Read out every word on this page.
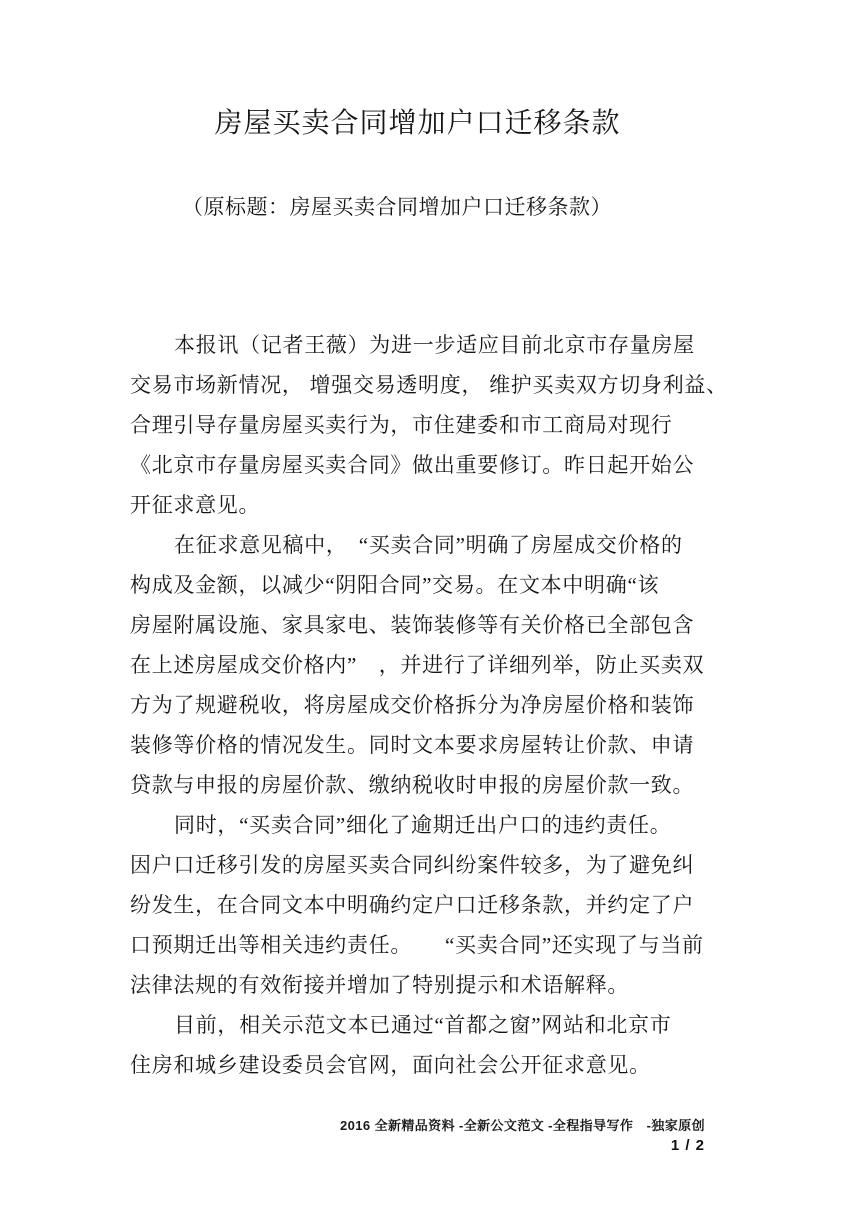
房屋买卖合同增加户口迁移条款
（原标题：房屋买卖合同增加户口迁移条款）
本报讯（记者王薇）为进一步适应目前北京市存量房屋
交易市场新情况， 增强交易透明度， 维护买卖双方切身利益、
合理引导存量房屋买卖行为，市住建委和市工商局对现行
《北京市存量房屋买卖合同》做出重要修订。昨日起开始公
开征求意见。
在征求意见稿中，　“买卖合同”明确了房屋成交价格的
构成及金额，以减少“阴阳合同”交易。在文本中明确“该
房屋附属设施、家具家电、装饰装修等有关价格已全部包含
在上述房屋成交价格内”　，并进行了详细列举，防止买卖双
方为了规避税收，将房屋成交价格拆分为净房屋价格和装饰
装修等价格的情况发生。同时文本要求房屋转让价款、申请
贷款与申报的房屋价款、缴纳税收时申报的房屋价款一致。
同时，“买卖合同”细化了逾期迁出户口的违约责任。
因户口迁移引发的房屋买卖合同纠纷案件较多，为了避免纠
纷发生，在合同文本中明确约定户口迁移条款，并约定了户
口预期迁出等相关违约责任。　　“买卖合同”还实现了与当前
法律法规的有效衔接并增加了特别提示和术语解释。
目前，相关示范文本已通过“首都之窗”网站和北京市
住房和城乡建设委员会官网，面向社会公开征求意见。
2016 全新精品资料 -全新公文范文 -全程指导写作　-独家原创
1 / 2
